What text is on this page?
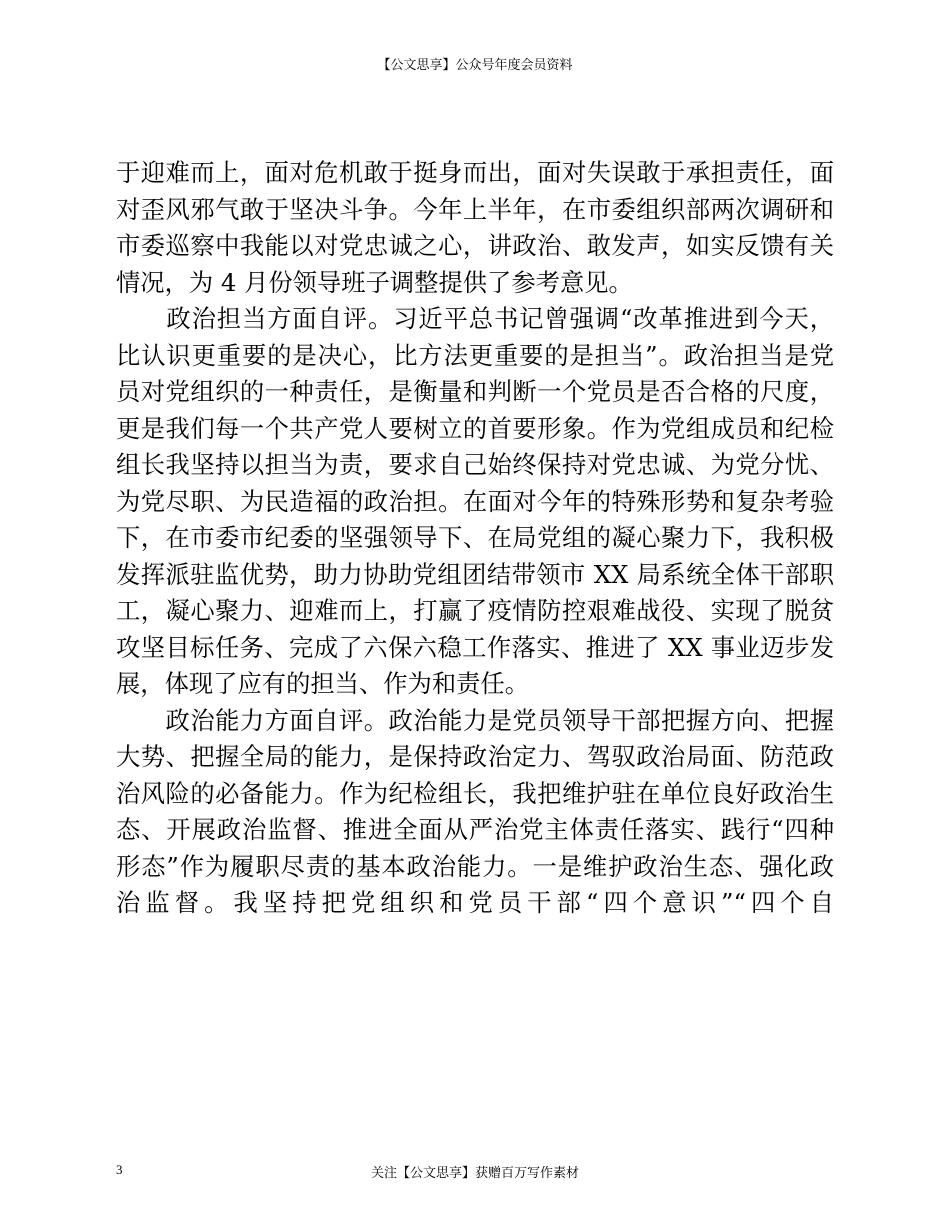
【公文思享】公众号年度会员资料
于迎难而上，面对危机敢于挺身而出，面对失误敢于承担责任，面
对歪风邪气敢于坚决斗争。今年上半年，在市委组织部两次调研和
市委巡察中我能以对党忠诚之心，讲政治、敢发声，如实反馈有关
情况，为 4 月份领导班子调整提供了参考意见。
　　政治担当方面自评。习近平总书记曾强调“改革推进到今天，
比认识更重要的是决心，比方法更重要的是担当”。政治担当是党
员对党组织的一种责任，是衡量和判断一个党员是否合格的尺度，
更是我们每一个共产党人要树立的首要形象。作为党组成员和纪检
组长我坚持以担当为责，要求自己始终保持对党忠诚、为党分忧、
为党尽职、为民造福的政治担。在面对今年的特殊形势和复杂考验
下，在市委市纪委的坚强领导下、在局党组的凝心聚力下，我积极
发挥派驻监优势，助力协助党组团结带领市 XX 局系统全体干部职
工，凝心聚力、迎难而上，打赢了疫情防控艰难战役、实现了脱贫
攻坚目标任务、完成了六保六稳工作落实、推进了 XX 事业迈步发
展，体现了应有的担当、作为和责任。
　　政治能力方面自评。政治能力是党员领导干部把握方向、把握
大势、把握全局的能力，是保持政治定力、驾驭政治局面、防范政
治风险的必备能力。作为纪检组长，我把维护驻在单位良好政治生
态、开展政治监督、推进全面从严治党主体责任落实、践行“四种
形态”作为履职尽责的基本政治能力。一是维护政治生态、强化政
治监督。我坚持把党组织和党员干部“四个意识”“四个自
3	关注【公文思享】获赠百万写作素材
